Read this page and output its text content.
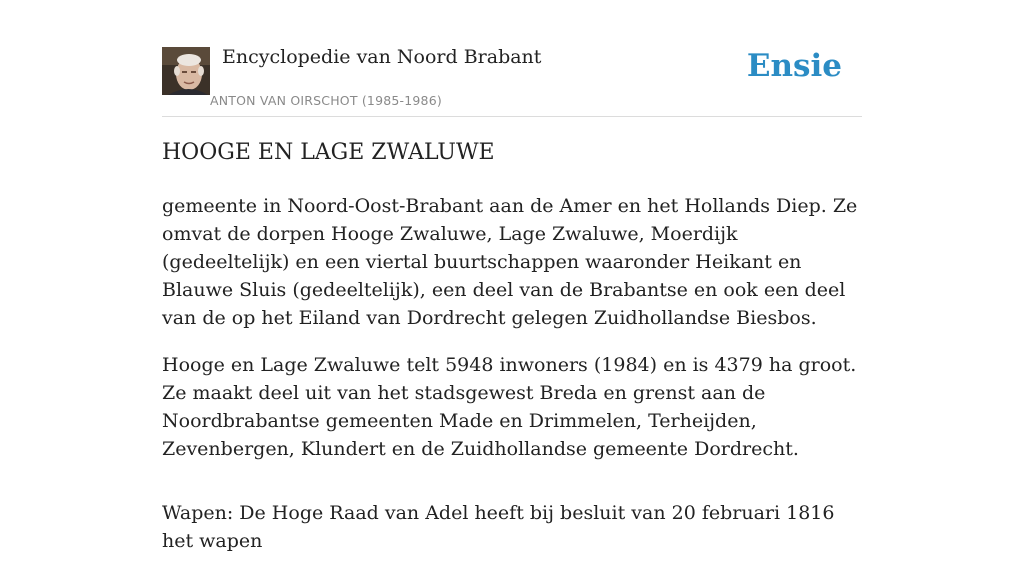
Encyclopedie van Noord Brabant
ANTON VAN OIRSCHOT (1985-1986)
Ensie
HOOGE EN LAGE ZWALUWE

gemeente in Noord-Oost-Brabant aan de Amer en het Hollands Diep. Ze omvat de dorpen Hooge Zwaluwe, Lage Zwaluwe, Moerdijk (gedeeltelijk) en een viertal buurtschappen waaronder Heikant en Blauwe Sluis (gedeeltelijk), een deel van de Brabantse en ook een deel van de op het Eiland van Dordrecht gelegen Zuidhollandse Biesbos.

Hooge en Lage Zwaluwe telt 5948 inwoners (1984) en is 4379 ha groot. Ze maakt deel uit van het stadsgewest Breda en grenst aan de Noordbrabantse gemeenten Made en Drimmelen, Terheijden, Zevenbergen, Klundert en de Zuidhollandse gemeente Dordrecht.

Wapen: De Hoge Raad van Adel heeft bij besluit van 20 februari 1816 het wapen
